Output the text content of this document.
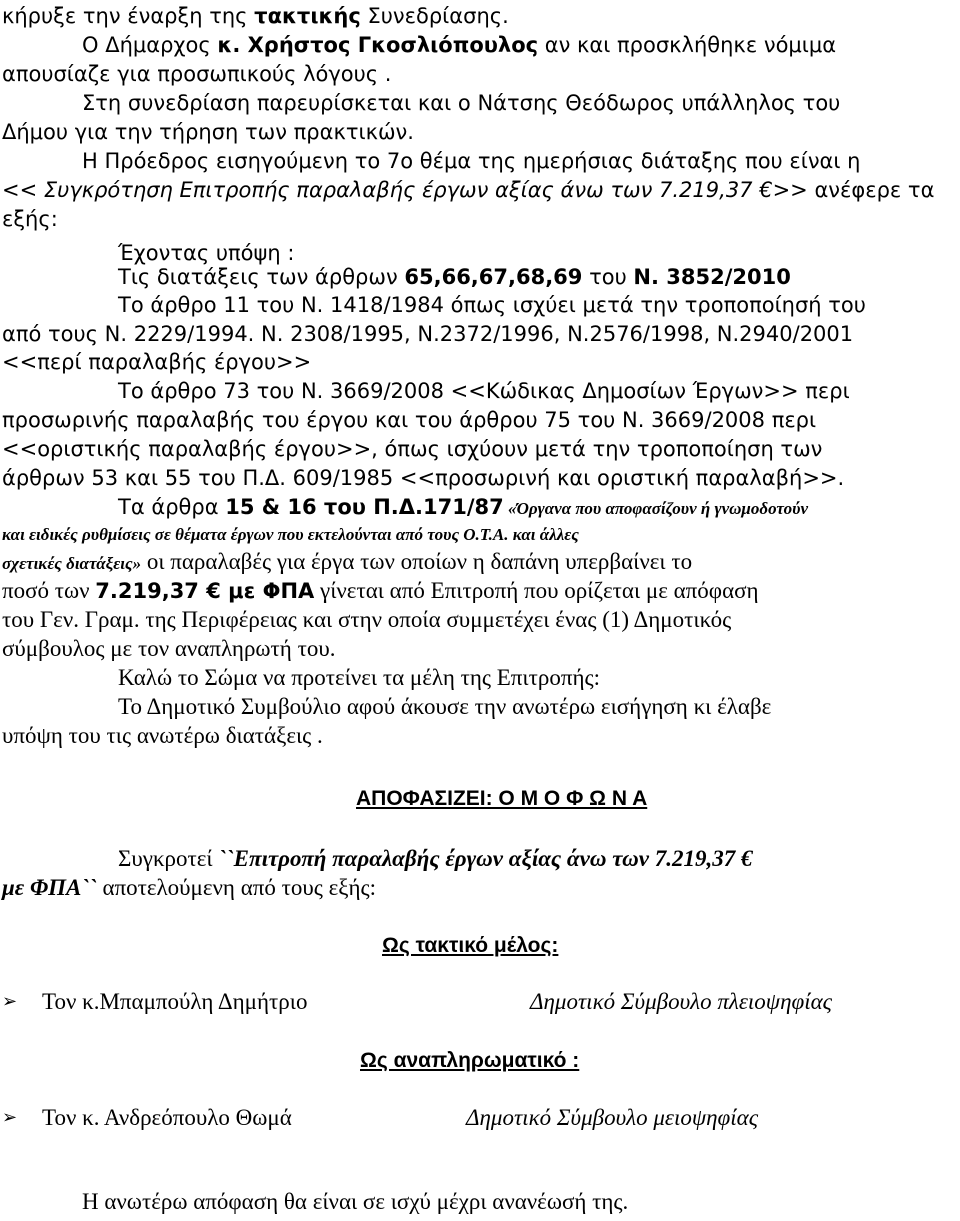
κήρυξε την έναρξη της τακτικής Συνεδρίασης.
Ο Δήμαρχος κ. Χρήστος Γκοσλιόπουλος αν και προσκλήθηκε νόμιμα
απουσίαζε για προσωπικούς λόγους .
Στη συνεδρίαση παρευρίσκεται και ο Νάτσης Θεόδωρος υπάλληλος του
Δήμου για την τήρηση των πρακτικών.
Η Πρόεδρος εισηγούμενη το 7ο θέμα της ημερήσιας διάταξης που είναι η
<< Συγκρότηση Επιτροπής παραλαβής έργων αξίας άνω των 7.219,37 €>> ανέφερε τα
εξής:
Έχοντας υπόψη :
Τις διατάξεις των άρθρων 65,66,67,68,69 του Ν. 3852/2010
Το άρθρο 11 του Ν. 1418/1984 όπως ισχύει μετά την τροποποίησή του
από τους Ν. 2229/1994. Ν. 2308/1995, Ν.2372/1996, Ν.2576/1998, Ν.2940/2001
<<περί παραλαβής έργου>>
Το άρθρο 73 του Ν. 3669/2008 <<Κώδικας Δημοσίων Έργων>> περι
προσωρινής παραλαβής του έργου και του άρθρου 75 του Ν. 3669/2008 περι
<<οριστικής παραλαβής έργου>>, όπως ισχύουν μετά την τροποποίηση των
άρθρων 53 και 55 του Π.Δ. 609/1985 <<προσωρινή και οριστική παραλαβή>>.
Τα άρθρα 15 & 16 του Π.Δ.171/87 «Όργανα που αποφασίζουν ή γνωμοδοτούν
και ειδικές ρυθμίσεις σε θέματα έργων που εκτελούνται από τους Ο.Τ.Α. και άλλες
σχετικές διατάξεις» οι παραλαβές για έργα των οποίων η δαπάνη υπερβαίνει το
ποσό των 7.219,37 € με ΦΠΑ γίνεται από Επιτροπή που ορίζεται με απόφαση
του Γεν. Γραμ. της Περιφέρειας και στην οποία συμμετέχει ένας (1) Δημοτικός
σύμβουλος με τον αναπληρωτή του.
Καλώ το Σώμα να προτείνει τα μέλη της Επιτροπής:
Το Δημοτικό Συμβούλιο αφού άκουσε την ανωτέρω εισήγηση κι έλαβε
υπόψη του τις ανωτέρω διατάξεις .
ΑΠΟΦΑΣΙΖΕΙ: Ο Μ Ο Φ Ω Ν Α
Συγκροτεί ``Επιτροπή παραλαβής έργων αξίας άνω των 7.219,37 €
με ΦΠΑ`` αποτελούμενη από τους εξής:
Ως τακτικό μέλος:
➢ Τον κ.Μπαμπούλη Δημήτριο	Δημοτικό Σύμβουλο πλειοψηφίας
Ως αναπληρωματικό :
➢ Τον κ. Ανδρεόπουλο Θωμά	Δημοτικό Σύμβουλο μειοψηφίας
Η ανωτέρω απόφαση θα είναι σε ισχύ μέχρι ανανέωσή της.
